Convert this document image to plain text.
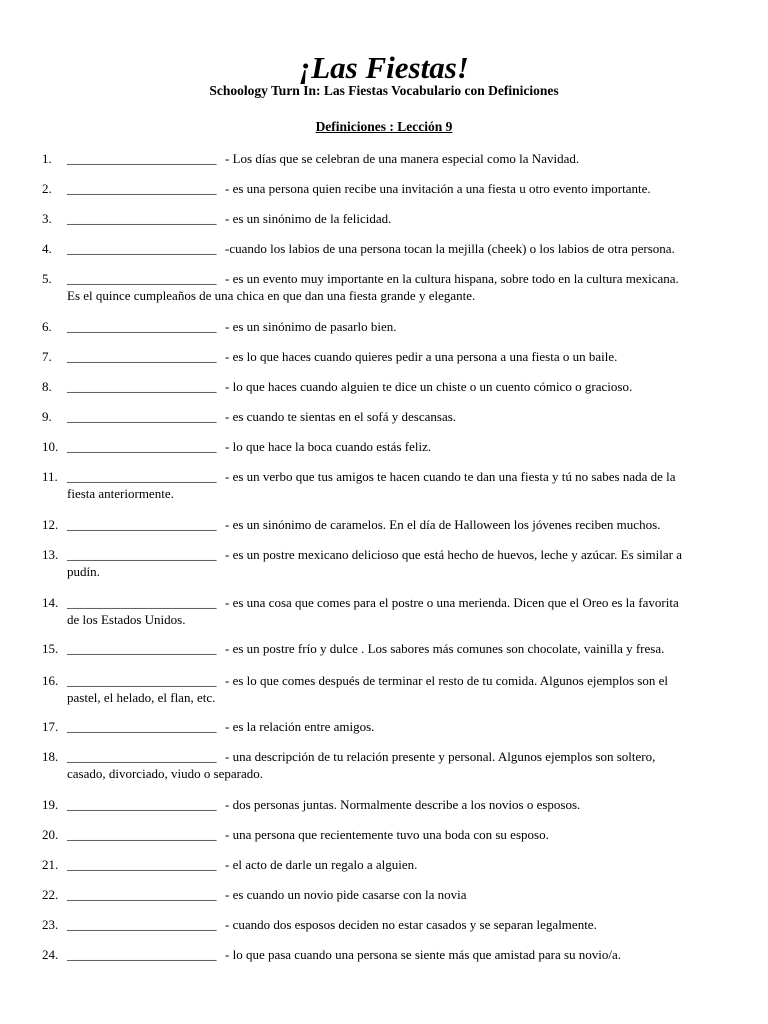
¡Las Fiestas!
Schoology Turn In: Las Fiestas Vocabulario con Definiciones
Definiciones : Lección 9
1. _______________________ - Los días que se celebran de una manera especial como la Navidad.
2. _______________________ - es una persona quien recibe una invitación a una fiesta u otro evento importante.
3. _______________________ - es un sinónimo de la felicidad.
4. _______________________ -cuando los labios de una persona tocan la mejilla (cheek) o los labios de otra persona.
5. _______________________ - es un evento muy importante en la cultura hispana, sobre todo en la cultura mexicana.
Es el quince cumpleaños de una chica en que dan una fiesta grande y elegante.
6. _______________________ - es un sinónimo de pasarlo bien.
7. _______________________ - es lo que haces cuando quieres pedir a una persona a una fiesta o un baile.
8. _______________________ - lo que haces cuando alguien te dice un chiste o un cuento cómico o gracioso.
9. _______________________ - es cuando te sientas en el sofá y descansas.
10. _______________________ - lo que hace la boca cuando estás feliz.
11. _______________________ - es un verbo que tus amigos te hacen cuando te dan una fiesta y tú no sabes nada de la
fiesta anteriormente.
12. _______________________ - es un sinónimo de caramelos. En el día de Halloween los jóvenes reciben muchos.
13. _______________________ - es un postre mexicano delicioso que está hecho de huevos, leche y azúcar. Es similar a
pudín.
14. _______________________ - es una cosa que comes para el postre o una merienda. Dicen que el Oreo es la favorita
de los Estados Unidos.
15. _______________________ - es un postre frío y dulce . Los sabores más comunes son chocolate, vainilla y fresa.
16. _______________________ - es lo que comes después de terminar el resto de tu comida. Algunos ejemplos son el
pastel, el helado, el flan, etc.
17. _______________________ - es la relación entre amigos.
18. _______________________ - una descripción de tu relación presente y personal. Algunos ejemplos son soltero,
casado, divorciado, viudo o separado.
19. _______________________ - dos personas juntas. Normalmente describe a los novios o esposos.
20. _______________________ - una persona que recientemente tuvo una boda con su esposo.
21. _______________________ - el acto de darle un regalo a alguien.
22. _______________________ - es cuando un novio pide casarse con la novia
23. _______________________ - cuando dos esposos deciden no estar casados y se separan legalmente.
24. _______________________ - lo que pasa cuando una persona se siente más que amistad para su novio/a.
